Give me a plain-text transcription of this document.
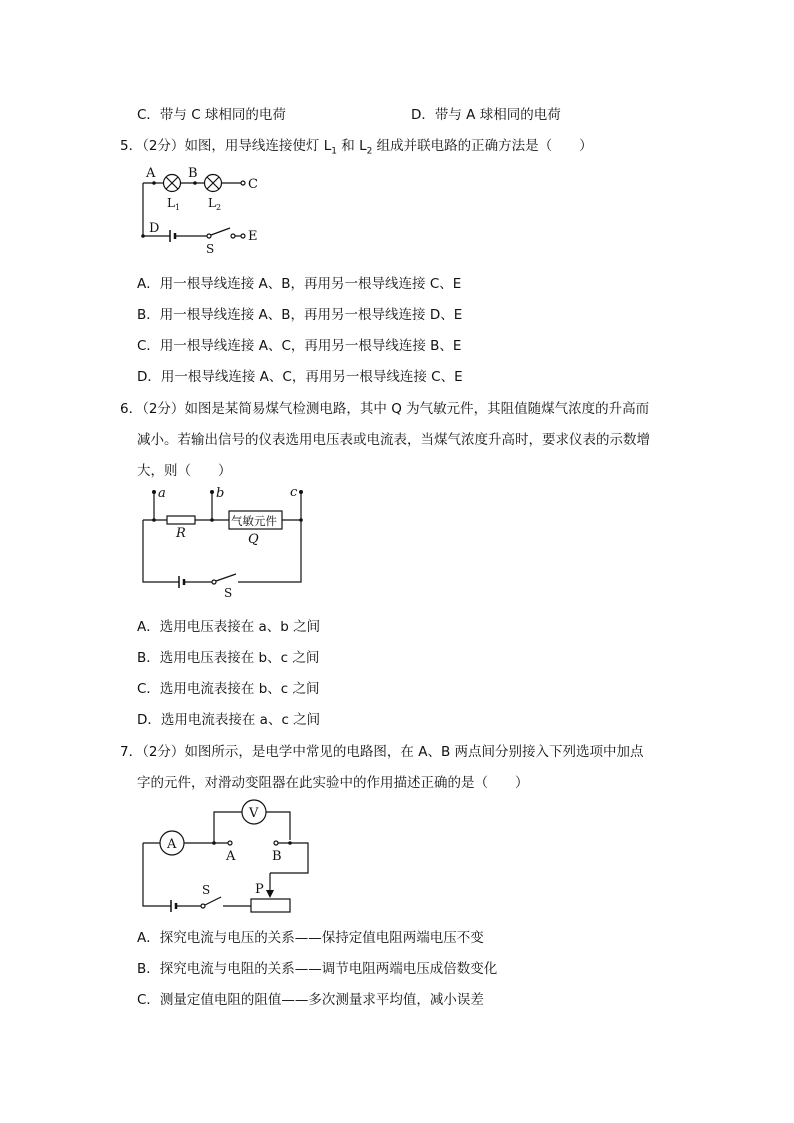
C．带与 C 球相同的电荷	D．带与 A 球相同的电荷
5．（2分）如图，用导线连接使灯 $L_1$ 和 $L_2$ 组成并联电路的正确方法是（　　）
A	B
C
D
E
$L_1$ $L_2$
S
A．用一根导线连接 A、B，再用另一根导线连接 C、E
B．用一根导线连接 A、B，再用另一根导线连接 D、E
C．用一根导线连接 A、C，再用另一根导线连接 B、E
D．用一根导线连接 A、C，再用另一根导线连接 C、E
6．（2分）如图是某简易煤气检测电路，其中 Q 为气敏元件，其阻值随煤气浓度的升高而
减小。若输出信号的仪表选用电压表或电流表，当煤气浓度升高时，要求仪表的示数增
大，则（　　）
a	b	c
R	Q
气敏元件
S
A．选用电压表接在 a、b 之间
B．选用电压表接在 b、c 之间
C．选用电流表接在 b、c 之间
D．选用电流表接在 a、c 之间
7．（2分）如图所示，是电学中常见的电路图，在 A、B 两点间分别接入下列选项中加点
字的元件，对滑动变阻器在此实验中的作用描述正确的是（　　）
A
V
A	B
S	P
A．探究电流与电压的关系——保持定值电阻两端电压不变
B．探究电流与电阻的关系——调节电阻两端电压成倍数变化
C．测量定值电阻的阻值——多次测量求平均值，减小误差
